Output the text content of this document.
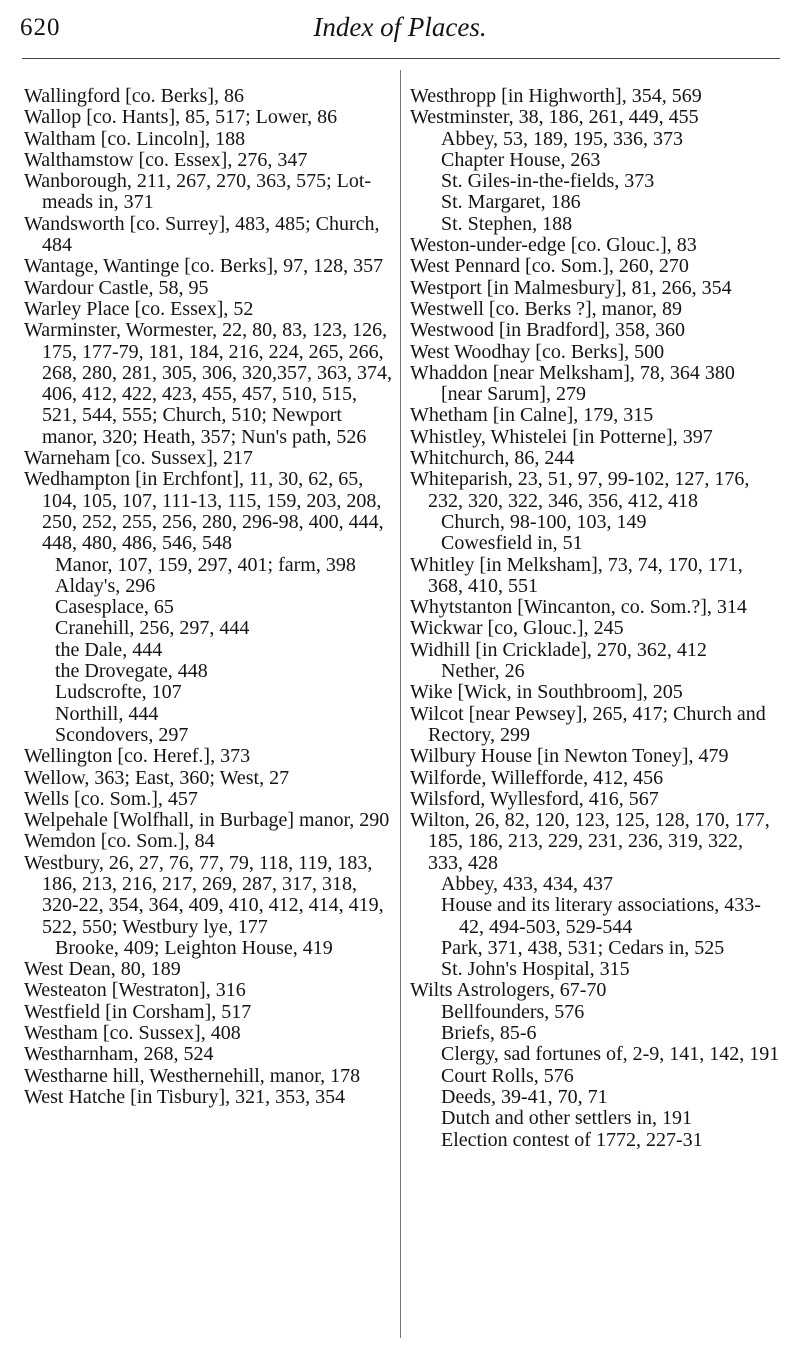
620	Index of Places.
Wallingford [co. Berks], 86
Wallop [co. Hants], 85, 517; Lower, 86
Waltham [co. Lincoln], 188
Walthamstow [co. Essex], 276, 347
Wanborough, 211, 267, 270, 363, 575; Lot-meads in, 371
Wandsworth [co. Surrey], 483, 485; Church, 484
Wantage, Wantinge [co. Berks], 97, 128, 357
Wardour Castle, 58, 95
Warley Place [co. Essex], 52
Warminster, Wormester, 22, 80, 83, 123, 126, 175, 177-79, 181, 184, 216, 224, 265, 266, 268, 280, 281, 305, 306, 320,357, 363, 374, 406, 412, 422, 423, 455, 457, 510, 515, 521, 544, 555; Church, 510; Newport manor, 320; Heath, 357; Nun's path, 526
Warneham [co. Sussex], 217
Wedhampton [in Erchfont], 11, 30, 62, 65, 104, 105, 107, 111-13, 115, 159, 203, 208, 250, 252, 255, 256, 280, 296-98, 400, 444, 448, 480, 486, 546, 548
Manor, 107, 159, 297, 401; farm, 398
Alday's, 296
Casesplace, 65
Cranehill, 256, 297, 444
the Dale, 444
the Drovegate, 448
Ludscrofte, 107
Northill, 444
Scondovers, 297
Wellington [co. Heref.], 373
Wellow, 363; East, 360; West, 27
Wells [co. Som.], 457
Welpehale [Wolfhall, in Burbage] manor, 290
Wemdon [co. Som.], 84
Westbury, 26, 27, 76, 77, 79, 118, 119, 183, 186, 213, 216, 217, 269, 287, 317, 318, 320-22, 354, 364, 409, 410, 412, 414, 419, 522, 550; Westbury lye, 177
Brooke, 409; Leighton House, 419
West Dean, 80, 189
Westeaton [Westraton], 316
Westfield [in Corsham], 517
Westham [co. Sussex], 408
Westharnham, 268, 524
Westharne hill, Westhernehill, manor, 178
West Hatche [in Tisbury], 321, 353, 354
Westhropp [in Highworth], 354, 569
Westminster, 38, 186, 261, 449, 455
Abbey, 53, 189, 195, 336, 373
Chapter House, 263
St. Giles-in-the-fields, 373
St. Margaret, 186
St. Stephen, 188
Weston-under-edge [co. Glouc.], 83
West Pennard [co. Som.], 260, 270
Westport [in Malmesbury], 81, 266, 354
Westwell [co. Berks ?], manor, 89
Westwood [in Bradford], 358, 360
West Woodhay [co. Berks], 500
Whaddon [near Melksham], 78, 364 380
[near Sarum], 279
Whetham [in Calne], 179, 315
Whistley, Whistelei [in Potterne], 397
Whitchurch, 86, 244
Whiteparish, 23, 51, 97, 99-102, 127, 176, 232, 320, 322, 346, 356, 412, 418
Church, 98-100, 103, 149
Cowesfield in, 51
Whitley [in Melksham], 73, 74, 170, 171, 368, 410, 551
Whytstanton [Wincanton, co. Som.?], 314
Wickwar [co, Glouc.], 245
Widhill [in Cricklade], 270, 362, 412
Nether, 26
Wike [Wick, in Southbroom], 205
Wilcot [near Pewsey], 265, 417; Church and Rectory, 299
Wilbury House [in Newton Toney], 479
Wilforde, Willefforde, 412, 456
Wilsford, Wyllesford, 416, 567
Wilton, 26, 82, 120, 123, 125, 128, 170, 177, 185, 186, 213, 229, 231, 236, 319, 322, 333, 428
Abbey, 433, 434, 437
House and its literary associations, 433-42, 494-503, 529-544
Park, 371, 438, 531; Cedars in, 525
St. John's Hospital, 315
Wilts Astrologers, 67-70
Bellfounders, 576
Briefs, 85-6
Clergy, sad fortunes of, 2-9, 141, 142, 191
Court Rolls, 576
Deeds, 39-41, 70, 71
Dutch and other settlers in, 191
Election contest of 1772, 227-31
